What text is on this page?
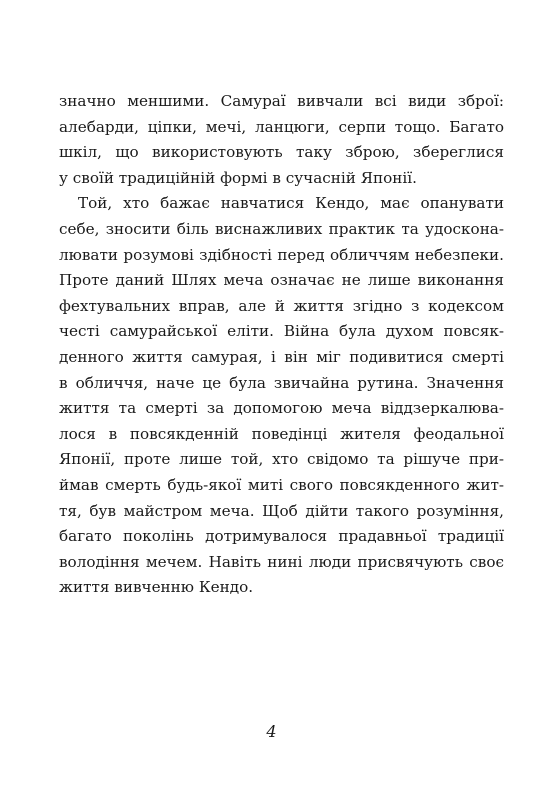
значно меншими. Самураї вивчали всі види зброї:
алебарди, ціпки, мечі, ланцюги, серпи тощо. Багато
шкіл, що використовують таку зброю, збереглися
у своїй традиційній формі в сучасній Японії.
Той, хто бажає навчатися Кендо, має опанувати
себе, зносити біль виснажливих практик та удоскона-
лювати розумові здібності перед обличчям небезпеки.
Проте даний Шлях меча означає не лише виконання
фехтувальних вправ, але й життя згідно з кодексом
честі самурайської еліти. Війна була духом повсяк-
денного життя самурая, і він міг подивитися смерті
в обличчя, наче це була звичайна рутина. Значення
життя та смерті за допомогою меча віддзеркалюва-
лося в повсякденній поведінці жителя феодальної
Японії, проте лише той, хто свідомо та рішуче при-
ймав смерть будь-якої миті свого повсякденного жит-
тя, був майстром меча. Щоб дійти такого розуміння,
багато поколінь дотримувалося прадавньої традиції
володіння мечем. Навіть нині люди присвячують своє
життя вивченню Кендо.
4
